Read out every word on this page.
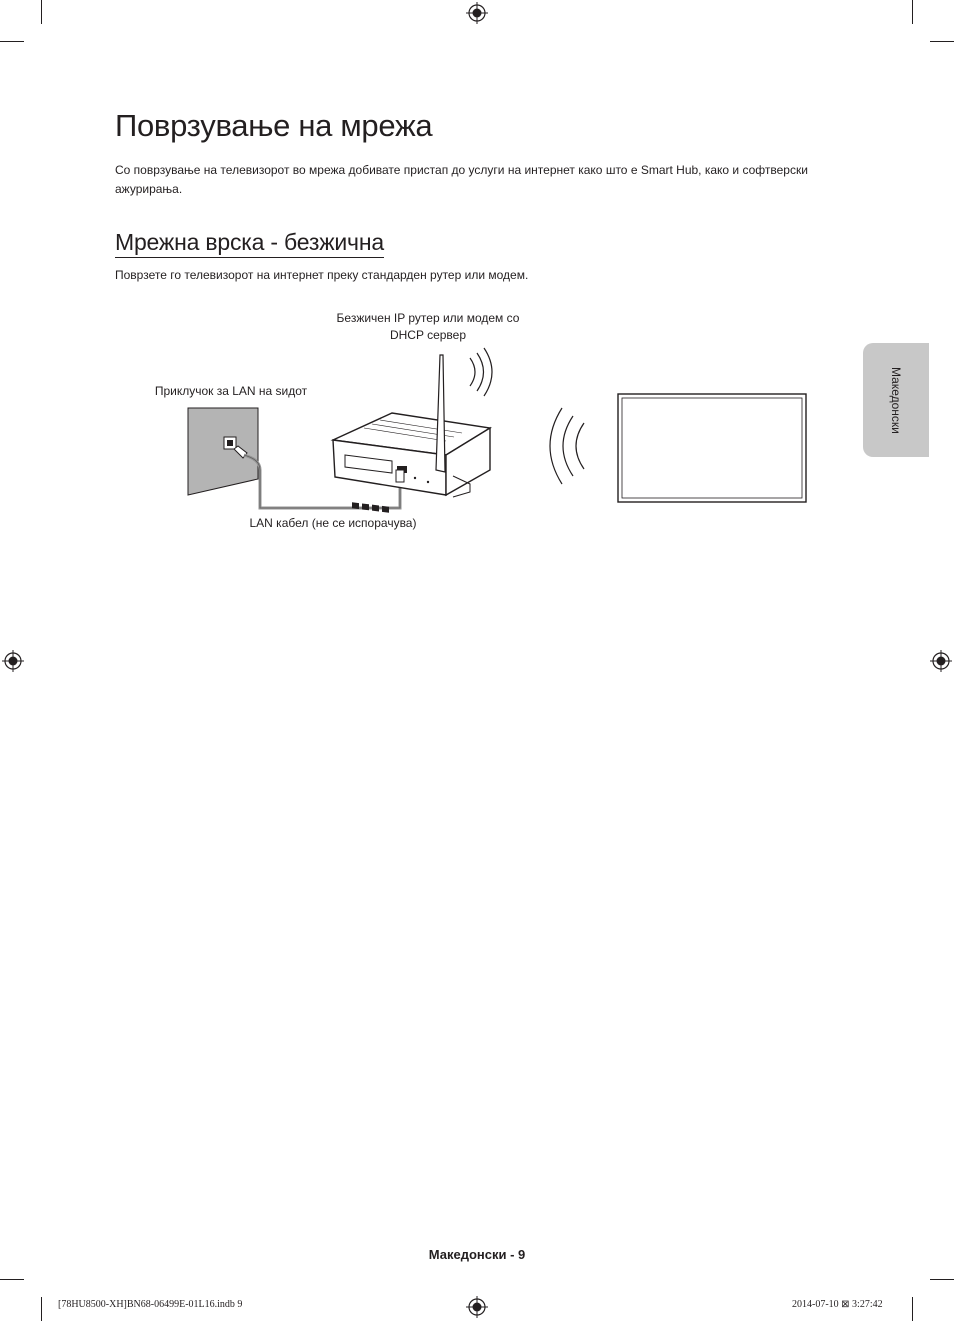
Поврзување на мрежа

Со поврзување на телевизорот во мрежа добивате пристап до услуги на интернет како што е Smart Hub, како и софтверски ажурирања.

Мрежна врска - безжична

Поврзете го телевизорот на интернет преку стандарден рутер или модем.

Безжичен IP рутер или модем со
DHCP сервер
Приклучок за LAN на sидот
LAN кабел (не се испорачува)
Македонски
Македонски - 9
[78HU8500-XH]BN68-06499E-01L16.indb 9	2014-07-10 ⊠ 3:27:42
